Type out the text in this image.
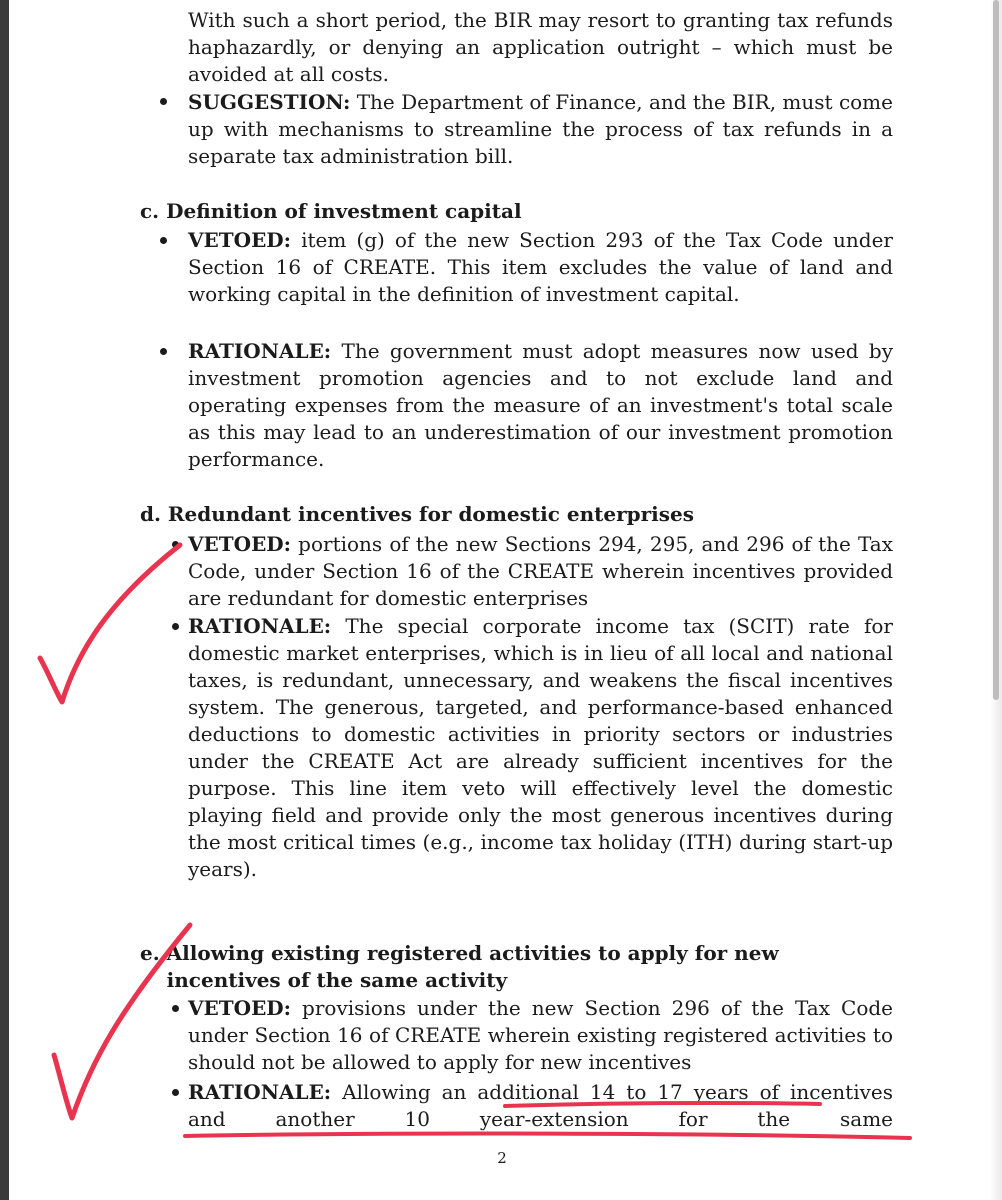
With such a short period, the BIR may resort to granting tax refunds haphazardly, or denying an application outright – which must be avoided at all costs.
SUGGESTION: The Department of Finance, and the BIR, must come up with mechanisms to streamline the process of tax refunds in a separate tax administration bill.
c. Definition of investment capital
VETOED: item (g) of the new Section 293 of the Tax Code under Section 16 of CREATE. This item excludes the value of land and working capital in the definition of investment capital.
RATIONALE: The government must adopt measures now used by investment promotion agencies and to not exclude land and operating expenses from the measure of an investment's total scale as this may lead to an underestimation of our investment promotion performance.
d. Redundant incentives for domestic enterprises
VETOED: portions of the new Sections 294, 295, and 296 of the Tax Code, under Section 16 of the CREATE wherein incentives provided are redundant for domestic enterprises
RATIONALE: The special corporate income tax (SCIT) rate for domestic market enterprises, which is in lieu of all local and national taxes, is redundant, unnecessary, and weakens the fiscal incentives system. The generous, targeted, and performance-based enhanced deductions to domestic activities in priority sectors or industries under the CREATE Act are already sufficient incentives for the purpose. This line item veto will effectively level the domestic playing field and provide only the most generous incentives during the most critical times (e.g., income tax holiday (ITH) during start-up years).
e. Allowing existing registered activities to apply for new incentives of the same activity
VETOED: provisions under the new Section 296 of the Tax Code under Section 16 of CREATE wherein existing registered activities to should not be allowed to apply for new incentives
RATIONALE: Allowing an additional 14 to 17 years of incentives and another 10 year-extension for the same
2
